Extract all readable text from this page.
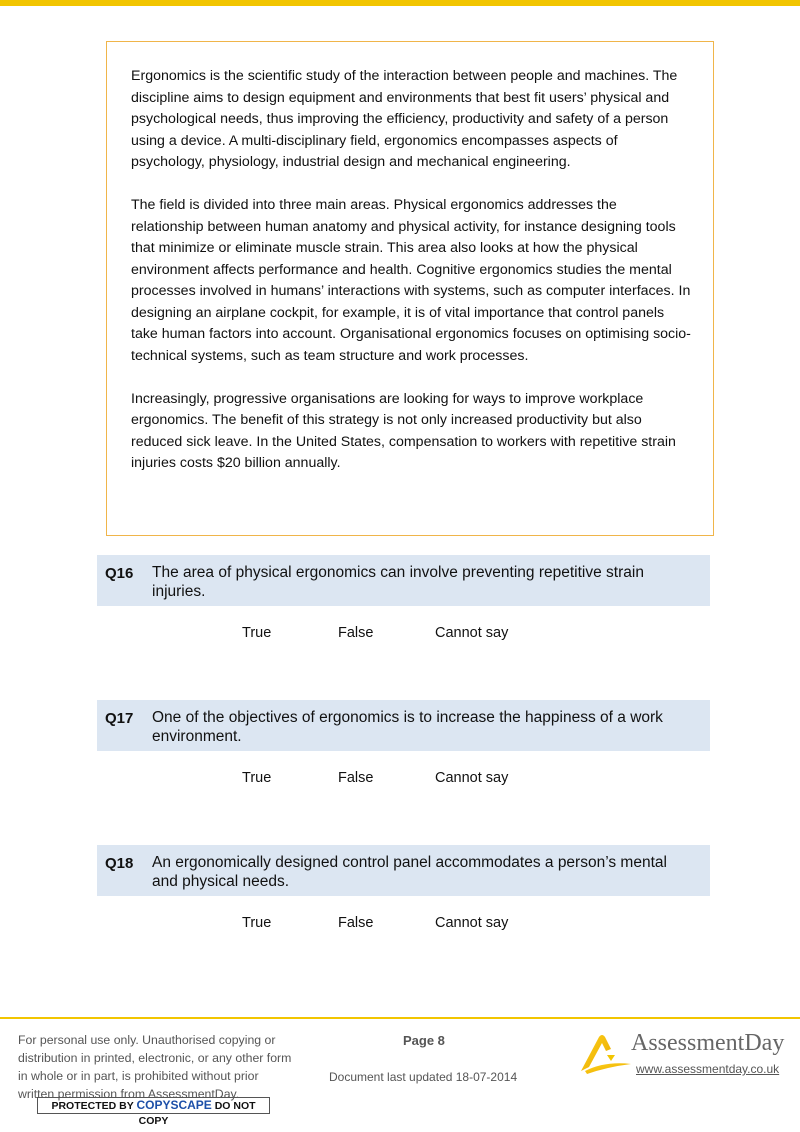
Ergonomics is the scientific study of the interaction between people and machines. The discipline aims to design equipment and environments that best fit users’ physical and psychological needs, thus improving the efficiency, productivity and safety of a person using a device. A multi-disciplinary field, ergonomics encompasses aspects of psychology, physiology, industrial design and mechanical engineering.

The field is divided into three main areas. Physical ergonomics addresses the relationship between human anatomy and physical activity, for instance designing tools that minimize or eliminate muscle strain. This area also looks at how the physical environment affects performance and health. Cognitive ergonomics studies the mental processes involved in humans’ interactions with systems, such as computer interfaces. In designing an airplane cockpit, for example, it is of vital importance that control panels take human factors into account. Organisational ergonomics focuses on optimising socio-technical systems, such as team structure and work processes.

Increasingly, progressive organisations are looking for ways to improve workplace ergonomics. The benefit of this strategy is not only increased productivity but also reduced sick leave. In the United States, compensation to workers with repetitive strain injuries costs $20 billion annually.

Q16 The area of physical ergonomics can involve preventing repetitive strain injuries.
True	False	Cannot say
Q17 One of the objectives of ergonomics is to increase the happiness of a work environment.
True	False	Cannot say
Q18 An ergonomically designed control panel accommodates a person’s mental and physical needs.
True	False	Cannot say
For personal use only. Unauthorised copying or distribution in printed, electronic, or any other form in whole or in part, is prohibited without prior written permission from AssessmentDay.
PROTECTED BY COPYSCAPE DO NOT COPY
Page 8
Document last updated 18-07-2014
AssessmentDay
www.assessmentday.co.uk
